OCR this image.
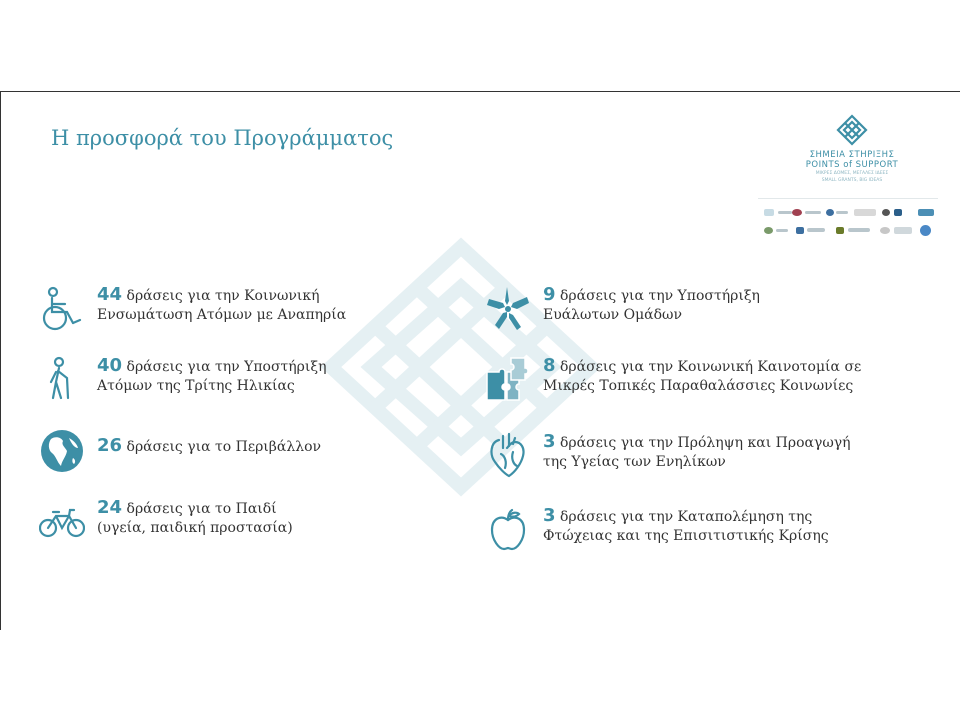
Η προσφορά του Προγράμματος
ΣΗΜΕΙΑ ΣΤΗΡΙΞΗΣ
POINTS of SUPPORT
ΜΙΚΡΕΣ ΔΟΜΕΣ, ΜΕΓΑΛΕΣ ΙΔΕΕΣ
SMALL GRANTS, BIG IDEAS
44 δράσεις για την Κοινωνική
Ενσωμάτωση Ατόμων με Αναπηρία
40 δράσεις για την Υποστήριξη
Ατόμων της Τρίτης Ηλικίας
26 δράσεις για το Περιβάλλον
24 δράσεις για το Παιδί
(υγεία, παιδική προστασία)
9 δράσεις για την Υποστήριξη
Ευάλωτων Ομάδων
8 δράσεις για την Κοινωνική Καινοτομία σε
Μικρές Τοπικές Παραθαλάσσιες Κοινωνίες
3 δράσεις για την Πρόληψη και Προαγωγή
της Υγείας των Ενηλίκων
3 δράσεις για την Καταπολέμηση της
Φτώχειας και της Επισιτιστικής Κρίσης
